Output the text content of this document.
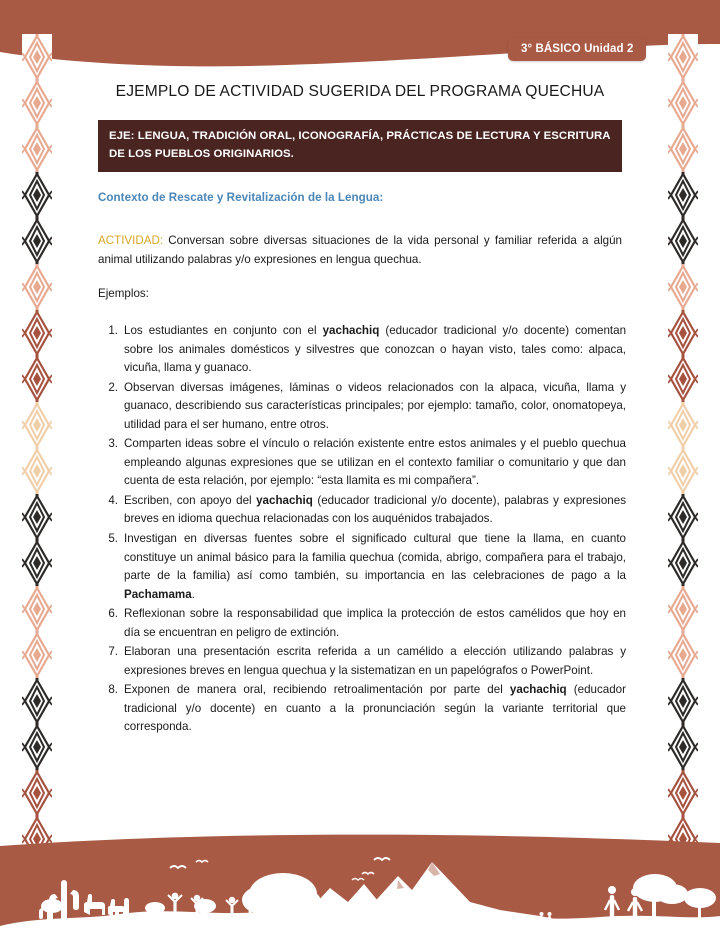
3° BÁSICO Unidad 2
EJEMPLO DE ACTIVIDAD SUGERIDA DEL PROGRAMA QUECHUA
EJE: LENGUA, TRADICIÓN ORAL, ICONOGRAFÍA, PRÁCTICAS DE LECTURA Y ESCRITURA DE LOS PUEBLOS ORIGINARIOS.
Contexto de Rescate y Revitalización de la Lengua:
ACTIVIDAD: Conversan sobre diversas situaciones de la vida personal y familiar referida a algún animal utilizando palabras y/o expresiones en lengua quechua.
Ejemplos:
Los estudiantes en conjunto con el yachachiq (educador tradicional y/o docente) comentan sobre los animales domésticos y silvestres que conozcan o hayan visto, tales como: alpaca, vicuña, llama y guanaco.
Observan diversas imágenes, láminas o videos relacionados con la alpaca, vicuña, llama y guanaco, describiendo sus características principales; por ejemplo: tamaño, color, onomatopeya, utilidad para el ser humano, entre otros.
Comparten ideas sobre el vínculo o relación existente entre estos animales y el pueblo quechua empleando algunas expresiones que se utilizan en el contexto familiar o comunitario y que dan cuenta de esta relación, por ejemplo: “esta llamita es mi compañera”.
Escriben, con apoyo del yachachiq (educador tradicional y/o docente), palabras y expresiones breves en idioma quechua relacionadas con los auquénidos trabajados.
Investigan en diversas fuentes sobre el significado cultural que tiene la llama, en cuanto constituye un animal básico para la familia quechua (comida, abrigo, compañera para el trabajo, parte de la familia) así como también, su importancia en las celebraciones de pago a la Pachamama.
Reflexionan sobre la responsabilidad que implica la protección de estos camélidos que hoy en día se encuentran en peligro de extinción.
Elaboran una presentación escrita referida a un camélido a elección utilizando palabras y expresiones breves en lengua quechua y la sistematizan en un papelógrafos o PowerPoint.
Exponen de manera oral, recibiendo retroalimentación por parte del yachachiq (educador tradicional y/o docente) en cuanto a la pronunciación según la variante territorial que corresponda.
